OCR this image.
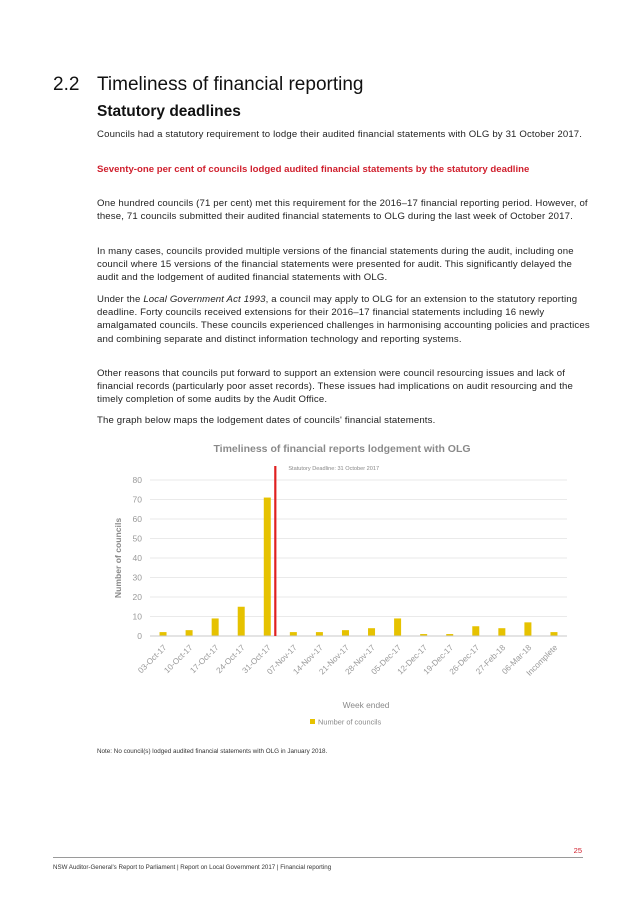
2.2 Timeliness of financial reporting
Statutory deadlines

Councils had a statutory requirement to lodge their audited financial statements with OLG by 31 October 2017.

Seventy-one per cent of councils lodged audited financial statements by the statutory deadline

One hundred councils (71 per cent) met this requirement for the 2016–17 financial reporting period. However, of these, 71 councils submitted their audited financial statements to OLG during the last week of October 2017.

In many cases, councils provided multiple versions of the financial statements during the audit, including one council where 15 versions of the financial statements were presented for audit. This significantly delayed the audit and the lodgement of audited financial statements with OLG.

Under the Local Government Act 1993, a council may apply to OLG for an extension to the statutory reporting deadline. Forty councils received extensions for their 2016–17 financial statements including 16 newly amalgamated councils. These councils experienced challenges in harmonising accounting policies and practices and combining separate and distinct information technology and reporting systems.

Other reasons that councils put forward to support an extension were council resourcing issues and lack of financial records (particularly poor asset records). These issues had implications on audit resourcing and the timely completion of some audits by the Audit Office.

The graph below maps the lodgement dates of councils' financial statements.

Timeliness of financial reports lodgement with OLG
0
10
20
30
40
50
60
70
80
Statutory Deadline: 31 October 2017
03-Oct-17
10-Oct-17
17-Oct-17
24-Oct-17
31-Oct-17
07-Nov-17
14-Nov-17
21-Nov-17
28-Nov-17
05-Dec-17
12-Dec-17
19-Dec-17
26-Dec-17
27-Feb-18
06-Mar-18
Incomplete
Number of councils
Week ended
Number of councils
Note: No council(s) lodged audited financial statements with OLG in January 2018.
25
NSW Auditor-General's Report to Parliament | Report on Local Government 2017 | Financial reporting
